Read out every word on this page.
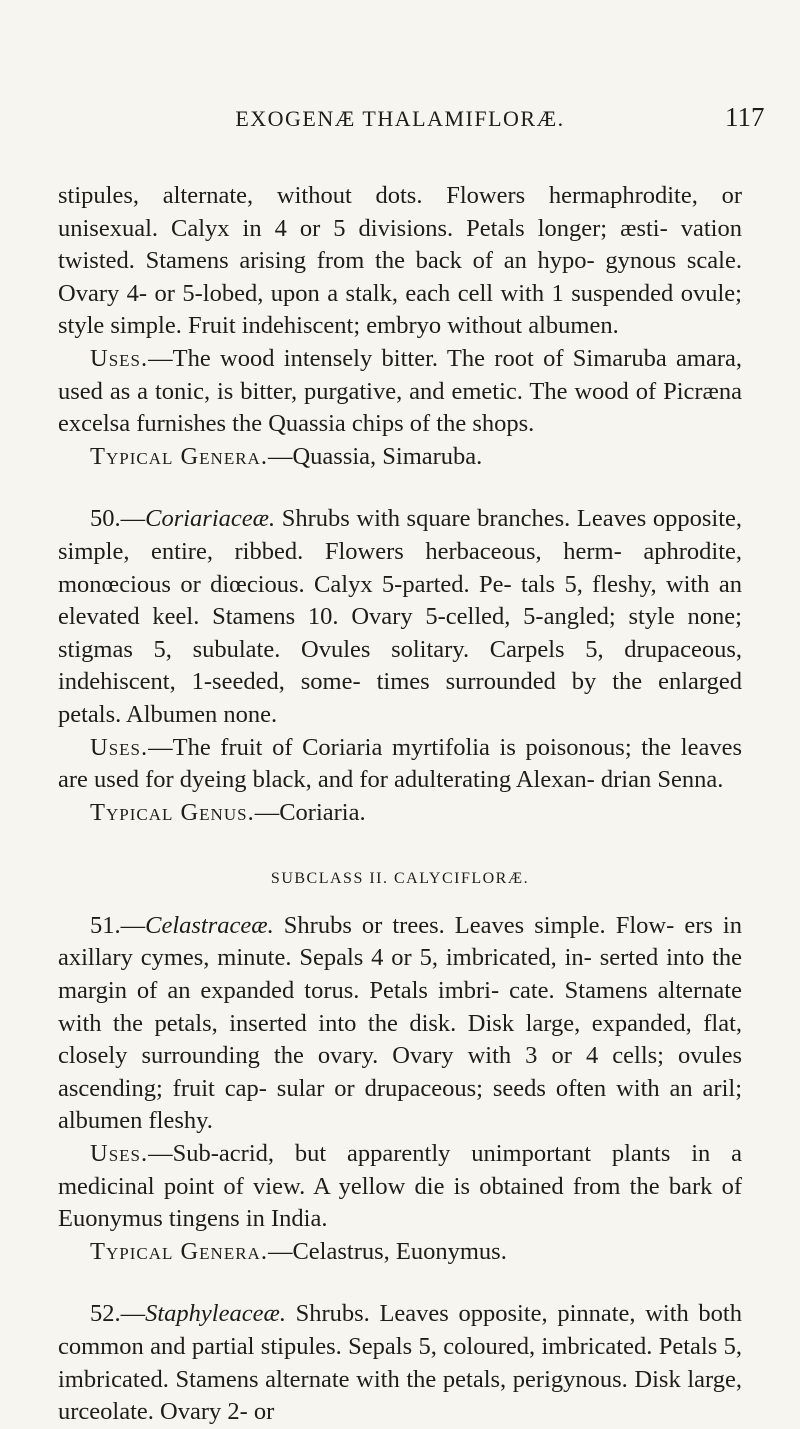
EXOGENÆ THALAMIFLORÆ.	117

stipules, alternate, without dots. Flowers hermaphrodite, or unisexual. Calyx in 4 or 5 divisions. Petals longer; æsti- vation twisted. Stamens arising from the back of an hypo- gynous scale. Ovary 4- or 5-lobed, upon a stalk, each cell with 1 suspended ovule; style simple. Fruit indehiscent; embryo without albumen.

Uses.—The wood intensely bitter. The root of Simaruba amara, used as a tonic, is bitter, purgative, and emetic. The wood of Picræna excelsa furnishes the Quassia chips of the shops.

Typical Genera.—Quassia, Simaruba.

50.—Coriariaceæ. Shrubs with square branches. Leaves opposite, simple, entire, ribbed. Flowers herbaceous, herm- aphrodite, monœcious or diœcious. Calyx 5-parted. Pe- tals 5, fleshy, with an elevated keel. Stamens 10. Ovary 5-celled, 5-angled; style none; stigmas 5, subulate. Ovules solitary. Carpels 5, drupaceous, indehiscent, 1-seeded, some- times surrounded by the enlarged petals. Albumen none.

Uses.—The fruit of Coriaria myrtifolia is poisonous; the leaves are used for dyeing black, and for adulterating Alexan- drian Senna.

Typical Genus.—Coriaria.

SUBCLASS II. CALYCIFLORÆ.

51.—Celastraceæ. Shrubs or trees. Leaves simple. Flow- ers in axillary cymes, minute. Sepals 4 or 5, imbricated, in- serted into the margin of an expanded torus. Petals imbri- cate. Stamens alternate with the petals, inserted into the disk. Disk large, expanded, flat, closely surrounding the ovary. Ovary with 3 or 4 cells; ovules ascending; fruit cap- sular or drupaceous; seeds often with an aril; albumen fleshy.

Uses.—Sub-acrid, but apparently unimportant plants in a medicinal point of view. A yellow die is obtained from the bark of Euonymus tingens in India.

Typical Genera.—Celastrus, Euonymus.

52.—Staphyleaceæ. Shrubs. Leaves opposite, pinnate, with both common and partial stipules. Sepals 5, coloured, imbricated. Petals 5, imbricated. Stamens alternate with the petals, perigynous. Disk large, urceolate. Ovary 2- or
